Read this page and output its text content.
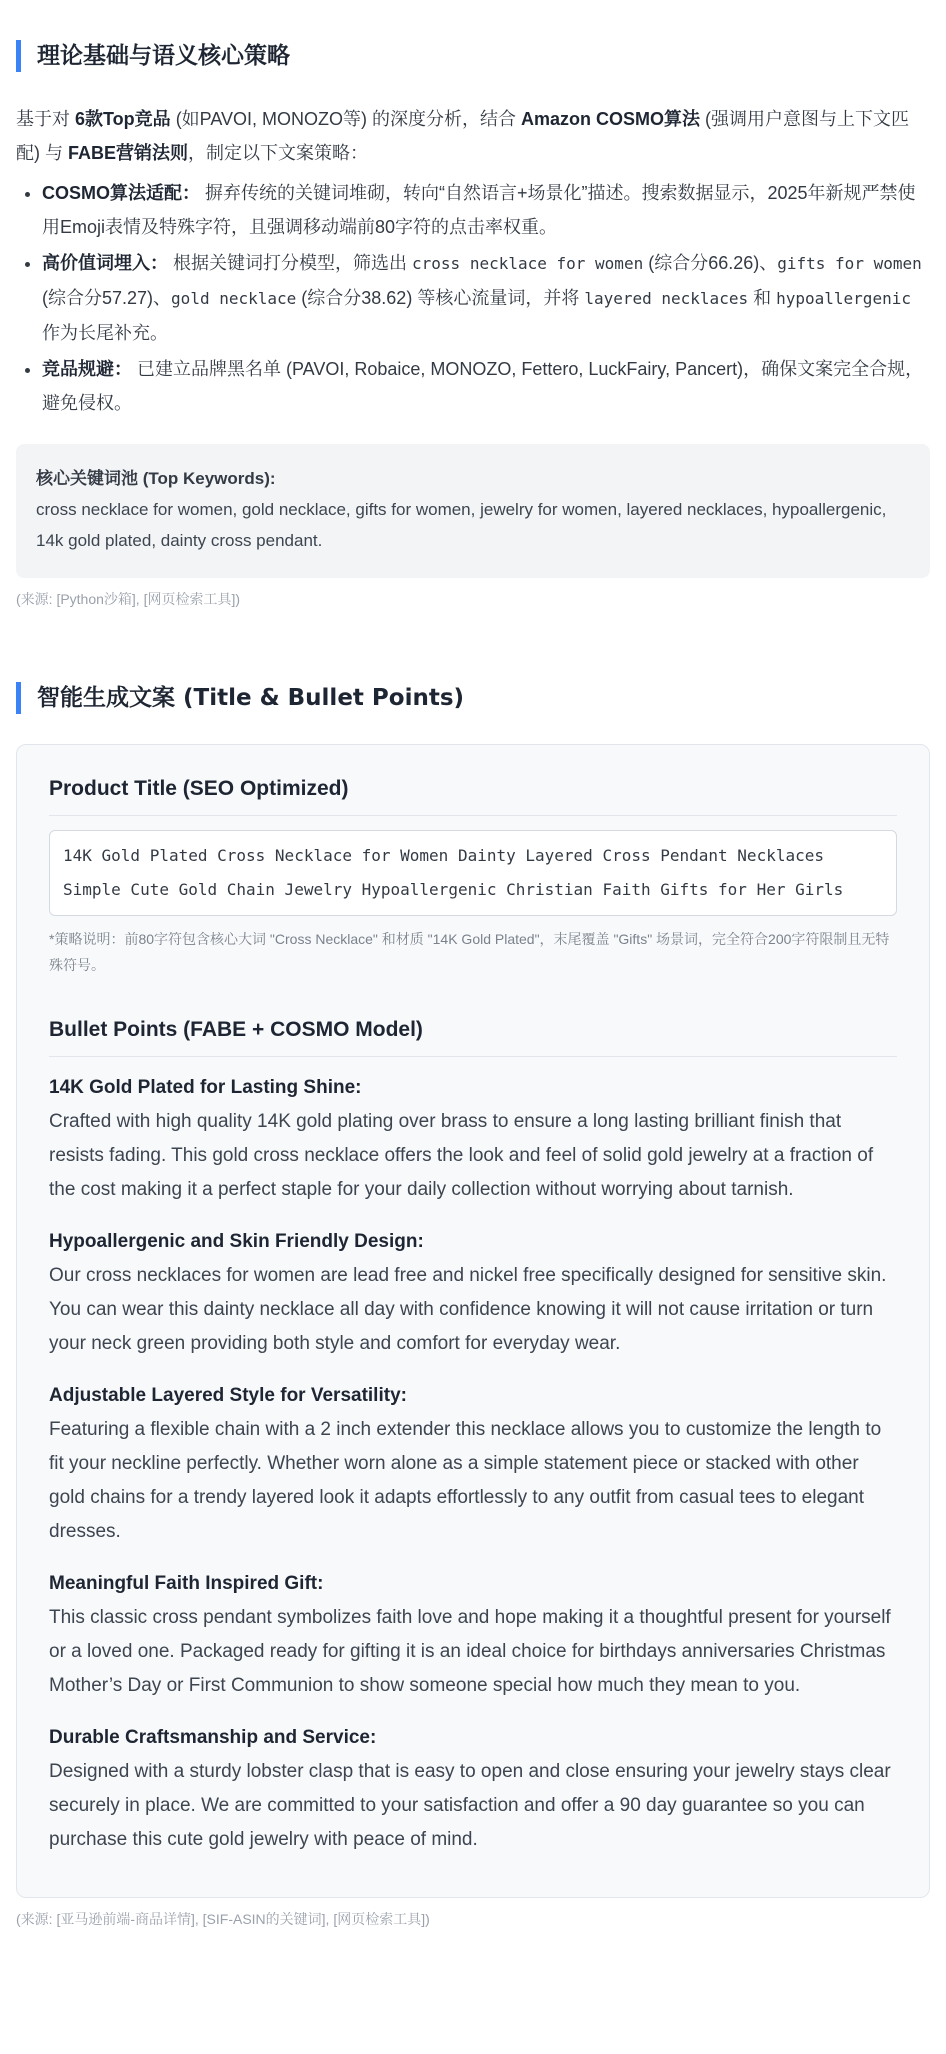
理论基础与语义核心策略

基于对 6款Top竞品 (如PAVOI, MONOZO等) 的深度分析，结合 Amazon COSMO算法 (强调用户意图与上下文匹配) 与 FABE营销法则，制定以下文案策略：

• COSMO算法适配： 摒弃传统的关键词堆砌，转向“自然语言+场景化”描述。搜索数据显示，2025年新规严禁使用Emoji表情及特殊字符，且强调移动端前80字符的点击率权重。
• 高价值词埋入： 根据关键词打分模型，筛选出 cross necklace for women (综合分66.26)、gifts for women (综合分57.27)、gold necklace (综合分38.62) 等核心流量词，并将 layered necklaces 和 hypoallergenic 作为长尾补充。
• 竞品规避： 已建立品牌黑名单 (PAVOI, Robaice, MONOZO, Fettero, LuckFairy, Pancert)，确保文案完全合规，避免侵权。
核心关键词池 (Top Keywords):
cross necklace for women, gold necklace, gifts for women, jewelry for women, layered necklaces, hypoallergenic, 14k gold plated, dainty cross pendant.

(来源: [Python沙箱], [网页检索工具])

智能生成文案 (Title & Bullet Points)
Product Title (SEO Optimized)
14K Gold Plated Cross Necklace for Women Dainty Layered Cross Pendant Necklaces Simple Cute Gold Chain Jewelry Hypoallergenic Christian Faith Gifts for Her Girls

*策略说明：前80字符包含核心大词 "Cross Necklace" 和材质 "14K Gold Plated"，末尾覆盖 "Gifts" 场景词，完全符合200字符限制且无特殊符号。

Bullet Points (FABE + COSMO Model)
14K Gold Plated for Lasting Shine:
Crafted with high quality 14K gold plating over brass to ensure a long lasting brilliant finish that resists fading. This gold cross necklace offers the look and feel of solid gold jewelry at a fraction of the cost making it a perfect staple for your daily collection without worrying about tarnish.
Hypoallergenic and Skin Friendly Design:
Our cross necklaces for women are lead free and nickel free specifically designed for sensitive skin. You can wear this dainty necklace all day with confidence knowing it will not cause irritation or turn your neck green providing both style and comfort for everyday wear.
Adjustable Layered Style for Versatility:
Featuring a flexible chain with a 2 inch extender this necklace allows you to customize the length to fit your neckline perfectly. Whether worn alone as a simple statement piece or stacked with other gold chains for a trendy layered look it adapts effortlessly to any outfit from casual tees to elegant dresses.
Meaningful Faith Inspired Gift:
This classic cross pendant symbolizes faith love and hope making it a thoughtful present for yourself or a loved one. Packaged ready for gifting it is an ideal choice for birthdays anniversaries Christmas Mother’s Day or First Communion to show someone special how much they mean to you.
Durable Craftsmanship and Service:
Designed with a sturdy lobster clasp that is easy to open and close ensuring your jewelry stays clear securely in place. We are committed to your satisfaction and offer a 90 day guarantee so you can purchase this cute gold jewelry with peace of mind.

(来源: [亚马逊前端-商品详情], [SIF-ASIN的关键词], [网页检索工具])
